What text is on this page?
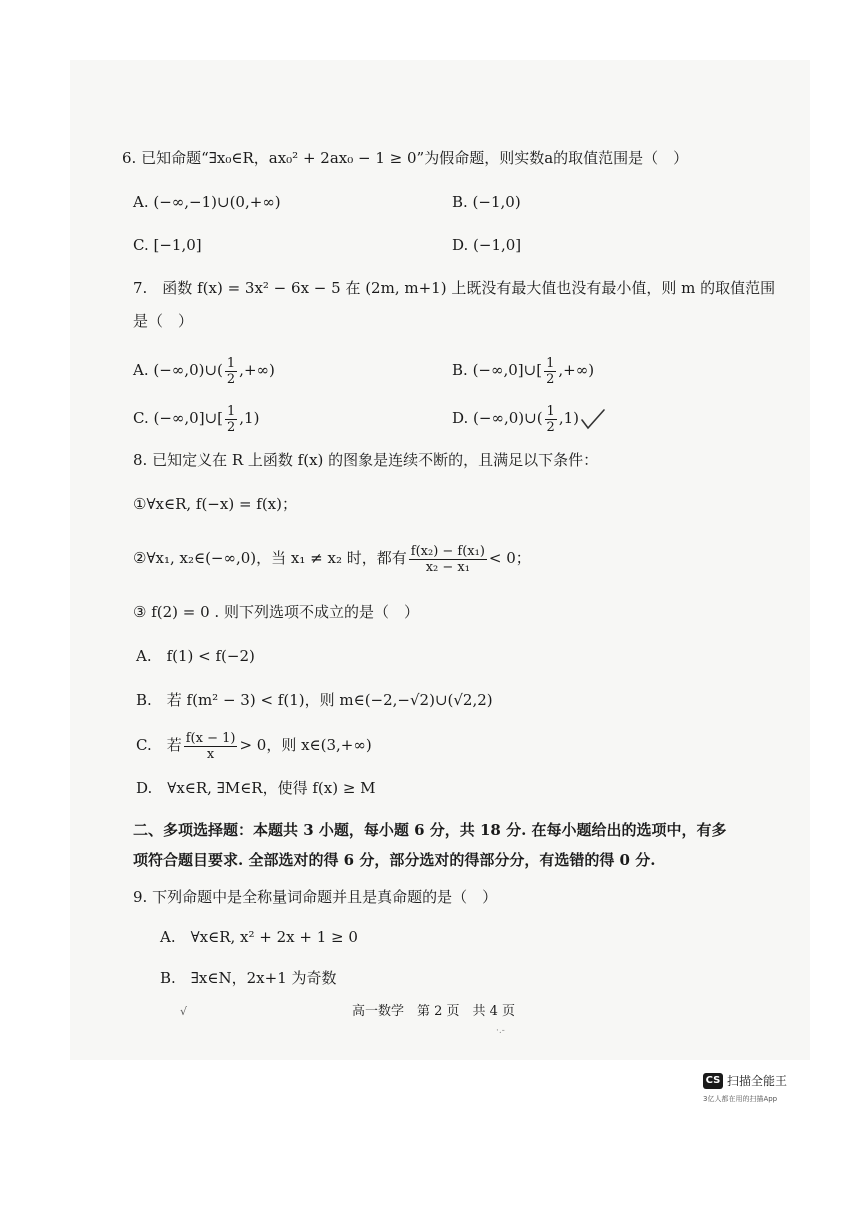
6. 已知命题“∃x₀∈R，ax₀² + 2ax₀ − 1 ≥ 0”为假命题，则实数a的取值范围是（　）
A. (−∞,−1)∪(0,+∞)	B. (−1,0)
C. [−1,0]	D. (−1,0]
7.　函数 f(x) = 3x² − 6x − 5 在 (2m, m+1) 上既没有最大值也没有最小值，则 m 的取值范围
是（　）
A. (−∞,0)∪( $\frac{1}{2}$ ,+∞)	B. (−∞,0]∪[ $\frac{1}{2}$ ,+∞)
C. (−∞,0]∪[ $\frac{1}{2} ,1$)	D. (−∞,0)∪( $\frac{1}{2} ,1$)
8. 已知定义在 R 上函数 f(x) 的图象是连续不断的，且满足以下条件：
①∀x∈R, f(−x) = f(x)；
②∀x₁, x₂∈(−∞,0)，当 x₁ ≠ x₂ 时，都有 $\frac{\text{f(x₂) − f(x₁)}}{\text{x₂ − x₁}} < 0$；
③ f(2) = 0 . 则下列选项不成立的是（　）
A.　f(1) < f(−2)
B.　若 f(m² − 3) < f(1)，则 m∈(−2,−√2)∪(√2,2)
C.　若 $\frac{f(x - 1)}{x} > 0$，则 x∈(3,+∞)
D.　∀x∈R, ∃M∈R，使得 f(x) ≥ M
二、多项选择题：本题共 3 小题，每小题 6 分，共 18 分. 在每小题给出的选项中，有多
项符合题目要求. 全部选对的得 6 分，部分选对的得部分分，有选错的得 0 分.
9. 下列命题中是全称量词命题并且是真命题的是（　）
A.　∀x∈R, x² + 2x + 1 ≥ 0
B.　∃x∈N，2x+1 为奇数
高一数学　第 2 页　共 4 页
√
·.-
CS 扫描全能王
3亿人都在用的扫描App
